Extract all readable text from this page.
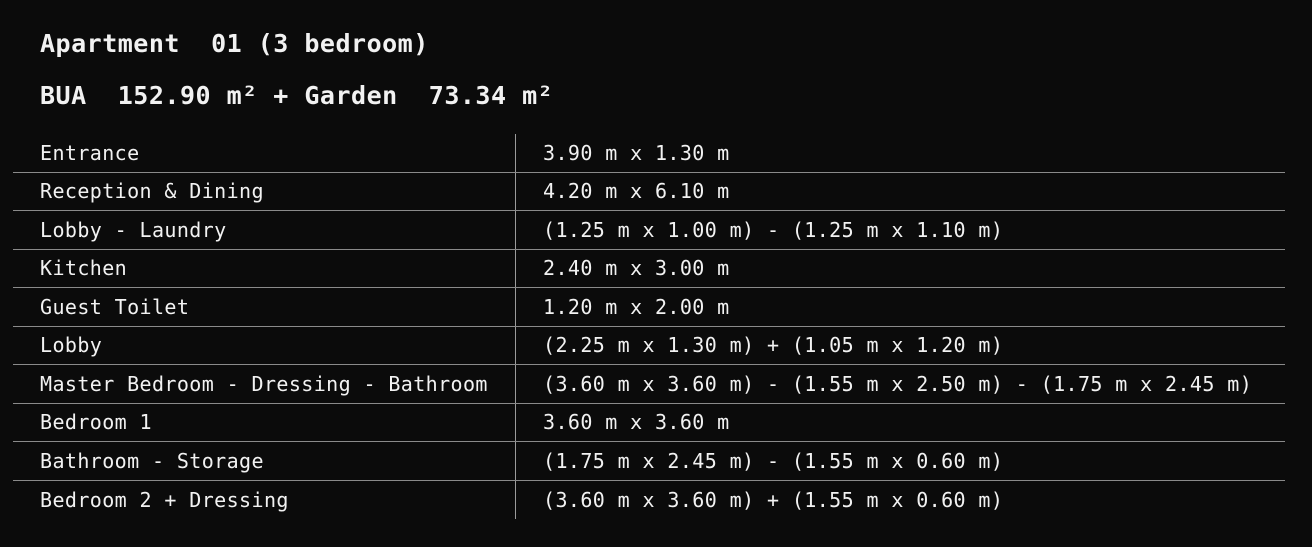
Apartment  01 (3 bedroom)
BUA  152.90 m² + Garden  73.34 m²
Entrance	3.90 m x 1.30 m
Reception & Dining	4.20 m x 6.10 m
Lobby - Laundry	(1.25 m x 1.00 m) - (1.25 m x 1.10 m)
Kitchen	2.40 m x 3.00 m
Guest Toilet	1.20 m x 2.00 m
Lobby	(2.25 m x 1.30 m) + (1.05 m x 1.20 m)
Master Bedroom - Dressing - Bathroom	(3.60 m x 3.60 m) - (1.55 m x 2.50 m) - (1.75 m x 2.45 m)
Bedroom 1	3.60 m x 3.60 m
Bathroom - Storage	(1.75 m x 2.45 m) - (1.55 m x 0.60 m)
Bedroom 2 + Dressing	(3.60 m x 3.60 m) + (1.55 m x 0.60 m)
